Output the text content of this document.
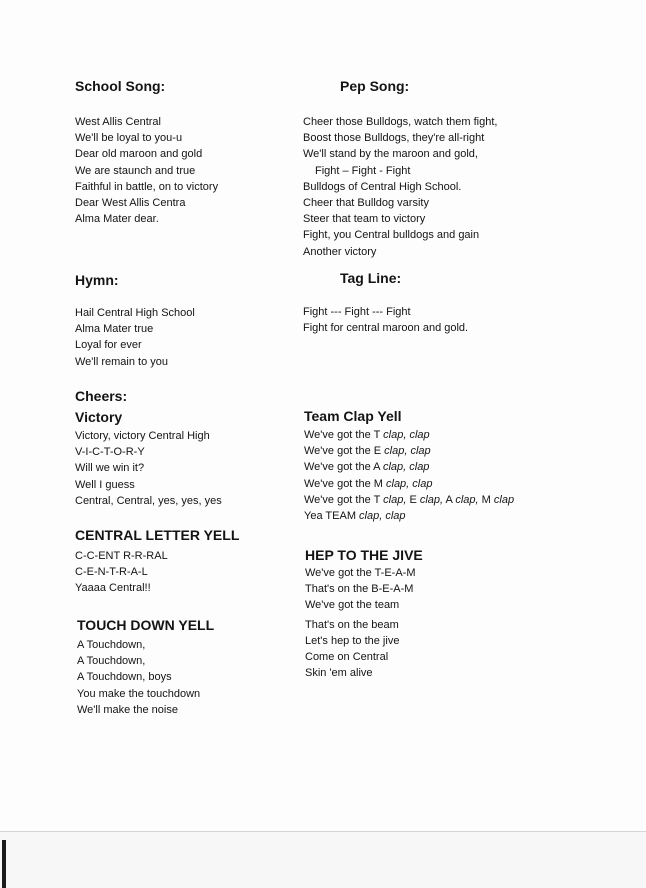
School Song:
West Allis Central
We'll be loyal to you-u
Dear old maroon and gold
We are staunch and true
Faithful in battle, on to victory
Dear West Allis Centra
Alma Mater dear.
Pep Song:
Cheer those Bulldogs, watch them fight,
Boost those Bulldogs, they're all-right
We'll stand by the maroon and gold,
Fight – Fight - Fight
Bulldogs of Central High School.
Cheer that Bulldog varsity
Steer that team to victory
Fight, you Central bulldogs and gain
Another victory
Hymn:
Hail Central High School
Alma Mater true
Loyal for ever
We'll remain to you
Tag Line:
Fight --- Fight --- Fight
Fight for central maroon and gold.
Cheers:
Victory
Victory, victory Central High
V-I-C-T-O-R-Y
Will we win it?
Well I guess
Central, Central, yes, yes, yes
CENTRAL LETTER YELL
C-C-ENT R-R-RAL
C-E-N-T-R-A-L
Yaaaa Central!!
TOUCH DOWN YELL
A Touchdown,
A Touchdown,
A Touchdown, boys
You make the touchdown
We'll make the noise
Team Clap Yell
We've got the T clap, clap
We've got the E clap, clap
We've got the A clap, clap
We've got the M clap, clap
We've got the T clap, E clap, A clap, M clap
Yea TEAM clap, clap
HEP TO THE JIVE
We've got the T-E-A-M
That's on the B-E-A-M
We've got the team
That's on the beam
Let's hep to the jive
Come on Central
Skin 'em alive
